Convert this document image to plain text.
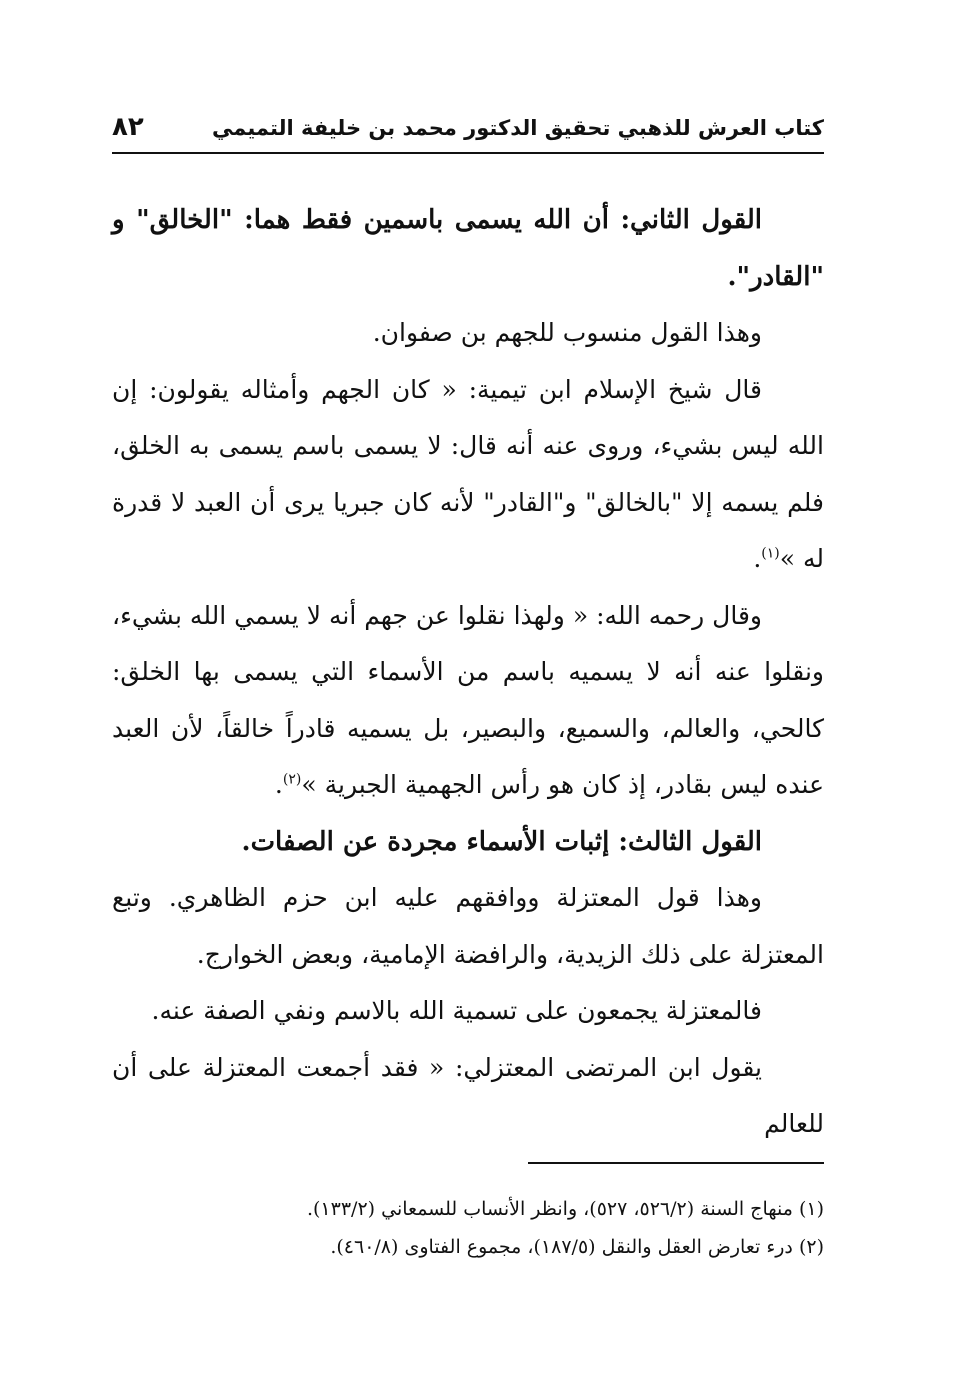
كتاب العرش للذهبي تحقيق الدكتور محمد بن خليفة التميمي
٨٢

القول الثاني: أن الله يسمى باسمين فقط هما: "الخالق" و "القادر".

وهذا القول منسوب للجهم بن صفوان.

قال شيخ الإسلام ابن تيمية: « كان الجهم وأمثاله يقولون: إن الله ليس بشيء، وروى عنه أنه قال: لا يسمى باسم يسمى به الخلق، فلم يسمه إلا "بالخالق" و"القادر" لأنه كان جبريا يرى أن العبد لا قدرة له »$^{(١)}$.

وقال رحمه الله: « ولهذا نقلوا عن جهم أنه لا يسمي الله بشيء، ونقلوا عنه أنه لا يسميه باسم من الأسماء التي يسمى بها الخلق: كالحي، والعالم، والسميع، والبصير، بل يسميه قادراً خالقاً، لأن العبد عنده ليس بقادر، إذ كان هو رأس الجهمية الجبرية »$^{(٢)}$.

القول الثالث: إثبات الأسماء مجردة عن الصفات.

وهذا قول المعتزلة ووافقهم عليه ابن حزم الظاهري. وتبع المعتزلة على ذلك الزيدية، والرافضة الإمامية، وبعض الخوارج.

فالمعتزلة يجمعون على تسمية الله بالاسم ونفي الصفة عنه.

يقول ابن المرتضى المعتزلي: « فقد أجمعت المعتزلة على أن للعالم

(١) منهاج السنة (٥٢٦/٢، ٥٢٧)، وانظر الأنساب للسمعاني (١٣٣/٢).

(٢) درء تعارض العقل والنقل (١٨٧/٥)، مجموع الفتاوى (٤٦٠/٨).
